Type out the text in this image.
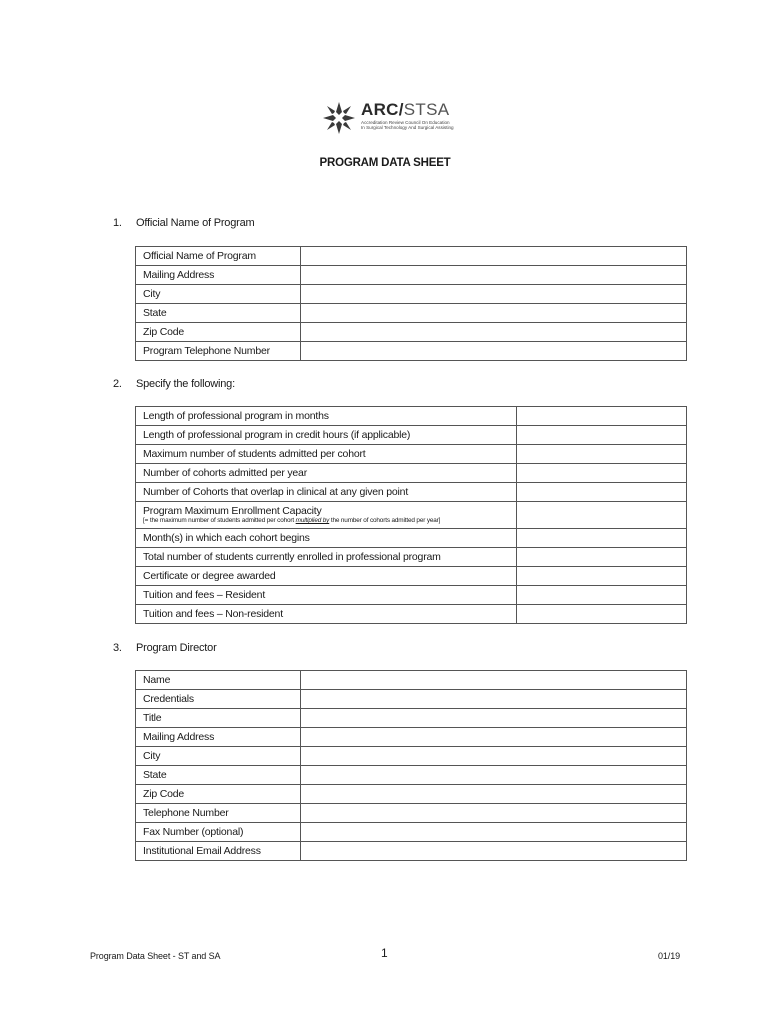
ARC/STSA
Accreditation Review Council On Education
In Surgical Technology And Surgical Assisting
PROGRAM DATA SHEET
1. Official Name of Program
Official Name of Program	
Mailing Address	
City	
State	
Zip Code	
Program Telephone Number	
2. Specify the following:
Length of professional program in months	
Length of professional program in credit hours (if applicable)	
Maximum number of students admitted per cohort	
Number of cohorts admitted per year	
Number of Cohorts that overlap in clinical at any given point	

Program Maximum Enrollment Capacity
[= the maximum number of students admitted per cohort multiplied by the number of cohorts admitted per year]	

Month(s) in which each cohort begins	
Total number of students currently enrolled in professional program	
Certificate or degree awarded	
Tuition and fees – Resident	
Tuition and fees – Non-resident	
3. Program Director
Name	
Credentials	
Title	
Mailing Address	
City	
State	
Zip Code	
Telephone Number	
Fax Number (optional)	
Institutional Email Address	
Program Data Sheet - ST and SA	1	01/19
